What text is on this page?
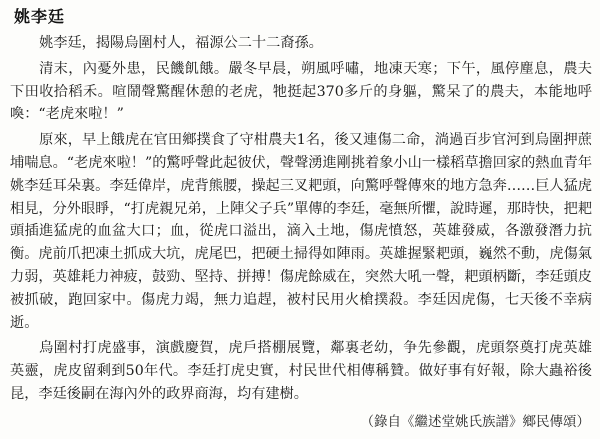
姚李廷

姚李廷，揭陽烏圍村人，福源公二十二裔孫。

清末，內憂外患，民饑飢餓。嚴冬早晨，朔風呼嘯，地凍天寒；下午，風停塵息，農夫下田收拾稻禾。喧鬧聲驚醒休憩的老虎，牠挺起370多斤的身軀，驚呆了的農夫，本能地呼喚：“老虎來啦！”

原來，早上餓虎在官田鄉撲食了守柑農夫1名，後又連傷二命，淌過百步官河到烏圍押蔗埔喘息。“老虎來啦！”的驚呼聲此起彼伏，聲聲湧進剛挑着象小山一樣稻草擔回家的熱血青年姚李廷耳朵裏。李廷偉岸，虎背熊腰，操起三叉耙頭，向驚呼聲傳來的地方急奔……巨人猛虎相見，分外眼睜，“打虎親兄弟，上陣父子兵”單傳的李廷，毫無所懼，說時遲，那時快，把耙頭插進猛虎的血盆大口；血，從虎口溢出，滴入土地，傷虎憤怒，英雄發威，各激發潛力抗衡。虎前爪把凍土抓成大坑，虎尾巴，把硬土掃得如陣雨。英雄握緊耙頭，巍然不動，虎傷氣力弱，英雄耗力神疲，鼓勁、堅持、拼搏！傷虎餘威在，突然大吼一聲，耙頭柄斷，李廷頭皮被抓破，跑回家中。傷虎力竭，無力追趕，被村民用火槍撲殺。李廷因虎傷，七天後不幸病逝。

烏圍村打虎盛事，演戲慶賀，虎戶搭棚展覽，鄰裏老幼，争先參觀，虎頭祭奠打虎英雄英靈，虎皮留剩到50年代。李廷打虎史實，村民世代相傳稱贊。做好事有好報，除大蟲裕後昆，李廷後嗣在海內外的政界商海，均有建樹。

（錄自《繼述堂姚氏族譜》鄉民傳頌）
